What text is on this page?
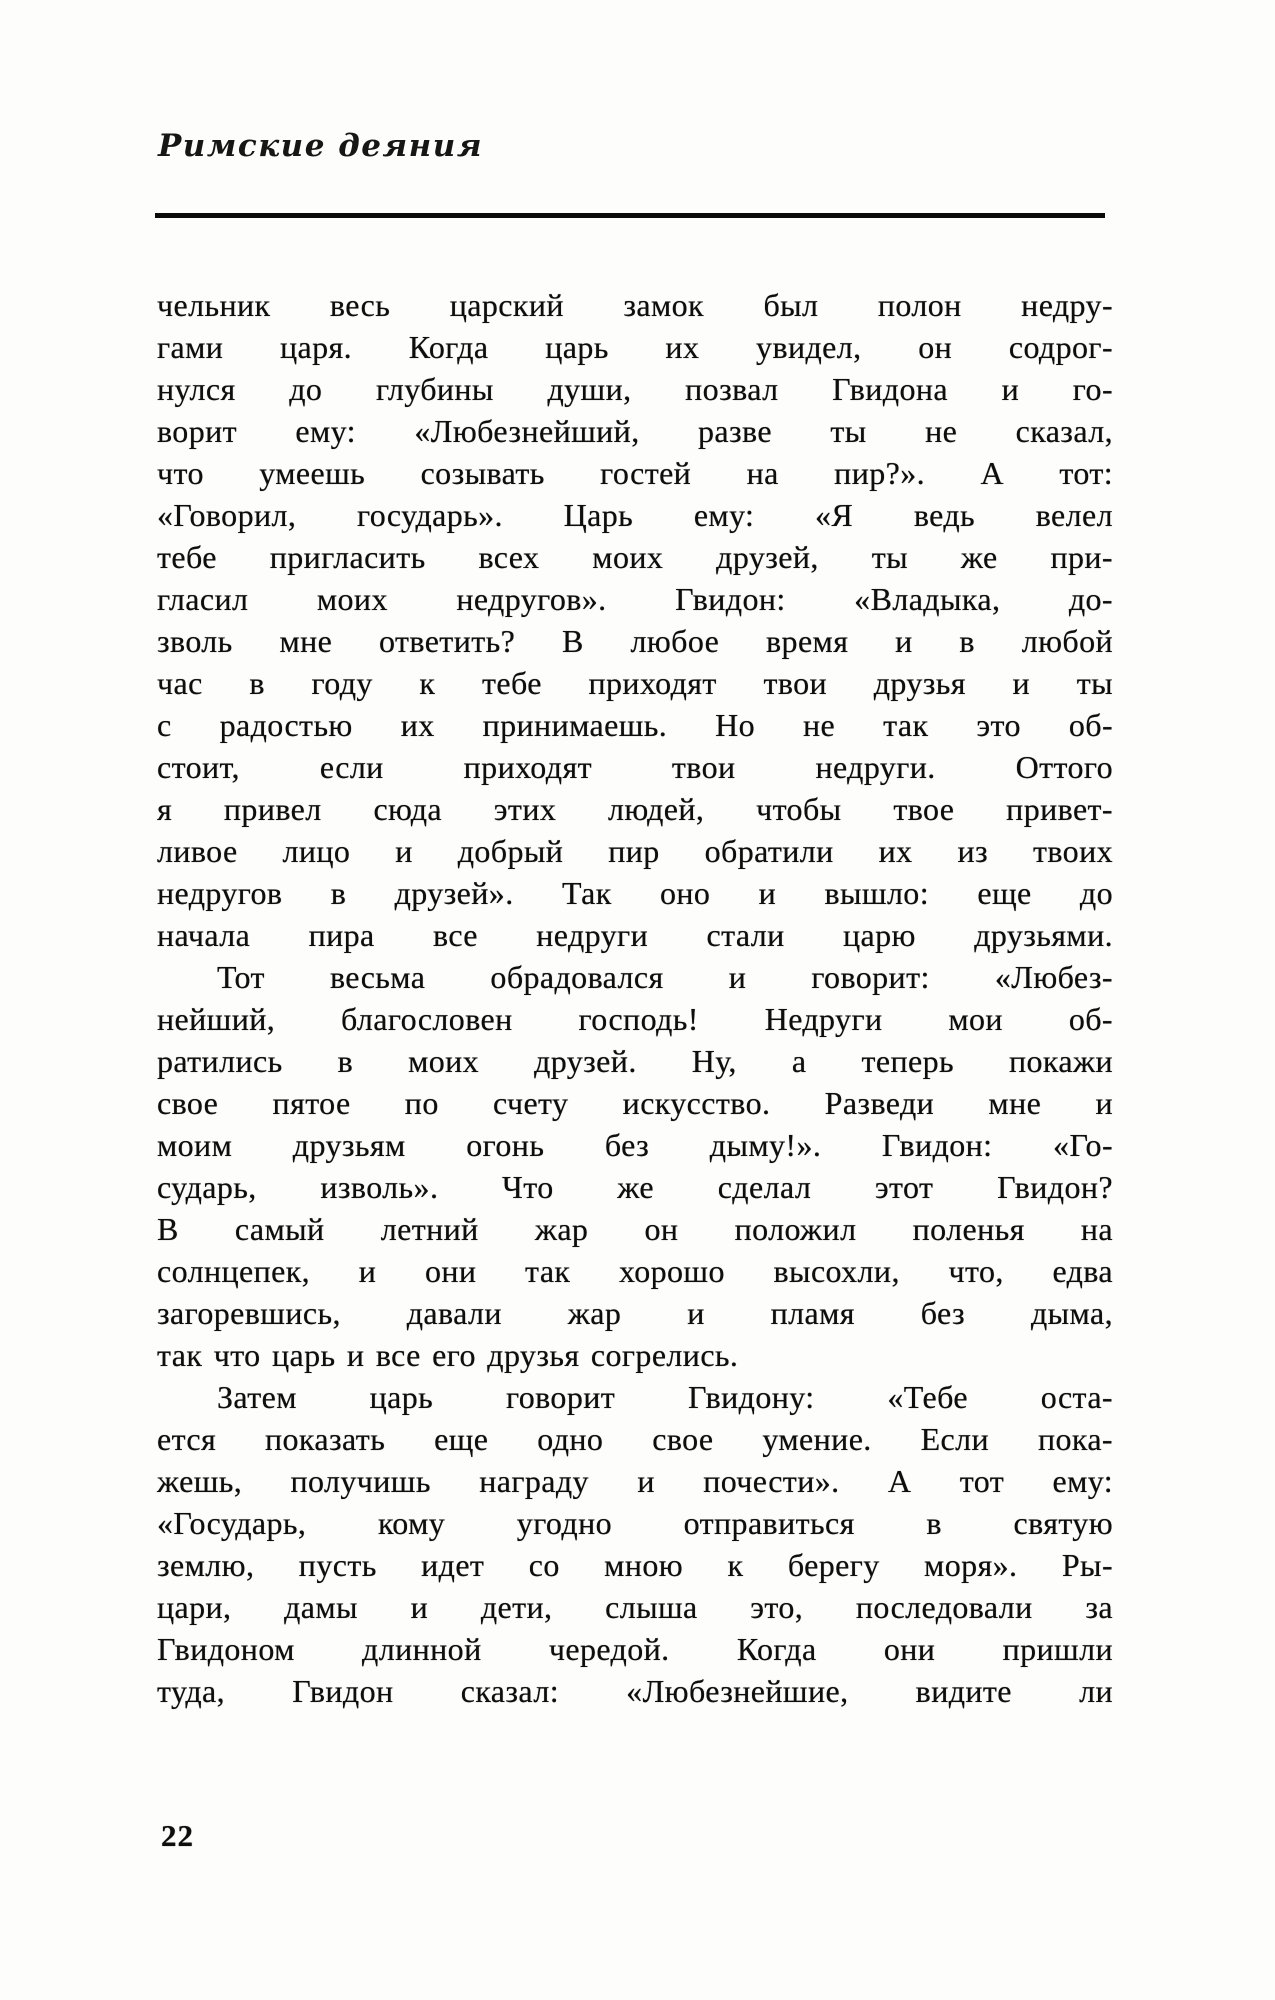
Римские деяния
чельник весь царский замок был полон недру-
гами царя. Когда царь их увидел, он содрог-
нулся до глубины души, позвал Гвидона и го-
ворит ему: «Любезнейший, разве ты не сказал,
что умеешь созывать гостей на пир?». А тот:
«Говорил, государь». Царь ему: «Я ведь велел
тебе пригласить всех моих друзей, ты же при-
гласил моих недругов». Гвидон: «Владыка, до-
зволь мне ответить? В любое время и в любой
час в году к тебе приходят твои друзья и ты
с радостью их принимаешь. Но не так это об-
стоит, если приходят твои недруги. Оттого
я привел сюда этих людей, чтобы твое привет-
ливое лицо и добрый пир обратили их из твоих
недругов в друзей». Так оно и вышло: еще до
начала пира все недруги стали царю друзьями.
Тот весьма обрадовался и говорит: «Любез-
нейший, благословен господь! Недруги мои об-
ратились в моих друзей. Ну, а теперь покажи
свое пятое по счету искусство. Разведи мне и
моим друзьям огонь без дыму!». Гвидон: «Го-
сударь, изволь». Что же сделал этот Гвидон?
В самый летний жар он положил поленья на
солнцепек, и они так хорошо высохли, что, едва
загоревшись, давали жар и пламя без дыма,
так что царь и все его друзья согрелись.
Затем царь говорит Гвидону: «Тебе оста-
ется показать еще одно свое умение. Если пока-
жешь, получишь награду и почести». А тот ему:
«Государь, кому угодно отправиться в святую
землю, пусть идет со мною к берегу моря». Ры-
цари, дамы и дети, слыша это, последовали за
Гвидоном длинной чередой. Когда они пришли
туда, Гвидон сказал: «Любезнейшие, видите ли
22
